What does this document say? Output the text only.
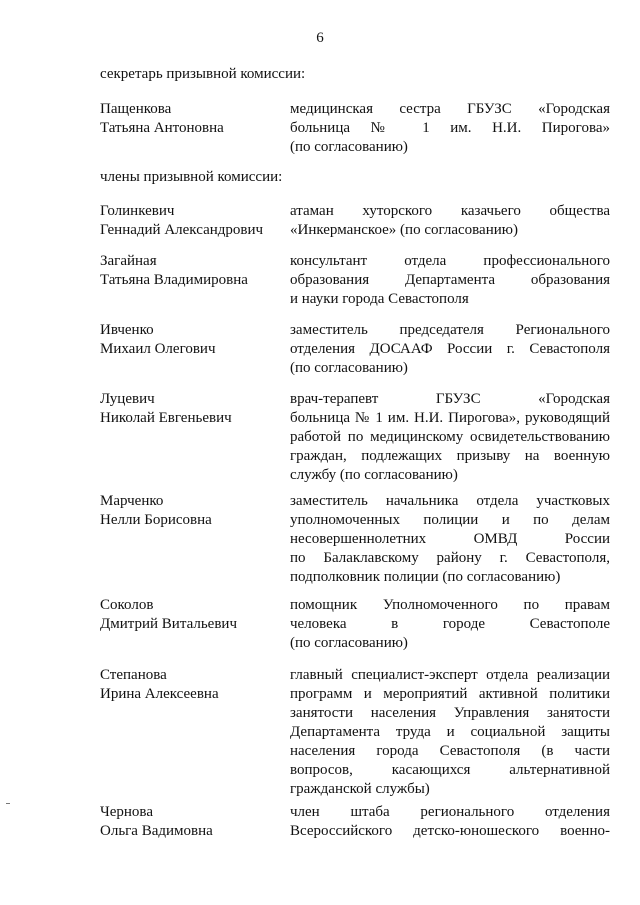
6
секретарь призывной комиссии:
Пащенкова
Татьяна Антоновна
медицинская сестра ГБУЗС «Городская
больница № 1 им. Н.И. Пирогова»
(по согласованию)
члены призывной комиссии:
Голинкевич
Геннадий Александрович
атаман хуторского казачьего общества
«Инкерманское» (по согласованию)
Загайная
Татьяна Владимировна
консультант отдела профессионального
образования Департамента образования
и науки города Севастополя
Ивченко
Михаил Олегович
заместитель председателя Регионального
отделения ДОСААФ России г. Севастополя
(по согласованию)
Луцевич
Николай Евгеньевич
врач-терапевт ГБУЗС «Городская
больница № 1 им. Н.И. Пирогова», руководящий
работой по медицинскому освидетельствованию
граждан, подлежащих призыву на военную
службу (по согласованию)
Марченко
Нелли Борисовна
заместитель начальника отдела участковых
уполномоченных полиции и по делам
несовершеннолетних ОМВД России
по Балаклавскому району г. Севастополя,
подполковник полиции (по согласованию)
Соколов
Дмитрий Витальевич
помощник Уполномоченного по правам
человека в городе Севастополе
(по согласованию)
Степанова
Ирина Алексеевна
главный специалист-эксперт отдела реализации
программ и мероприятий активной политики
занятости населения Управления занятости
Департамента труда и социальной защиты
населения города Севастополя (в части
вопросов, касающихся альтернативной
гражданской службы)
Чернова
Ольга Вадимовна
член штаба регионального отделения
Всероссийского детско-юношеского военно-
